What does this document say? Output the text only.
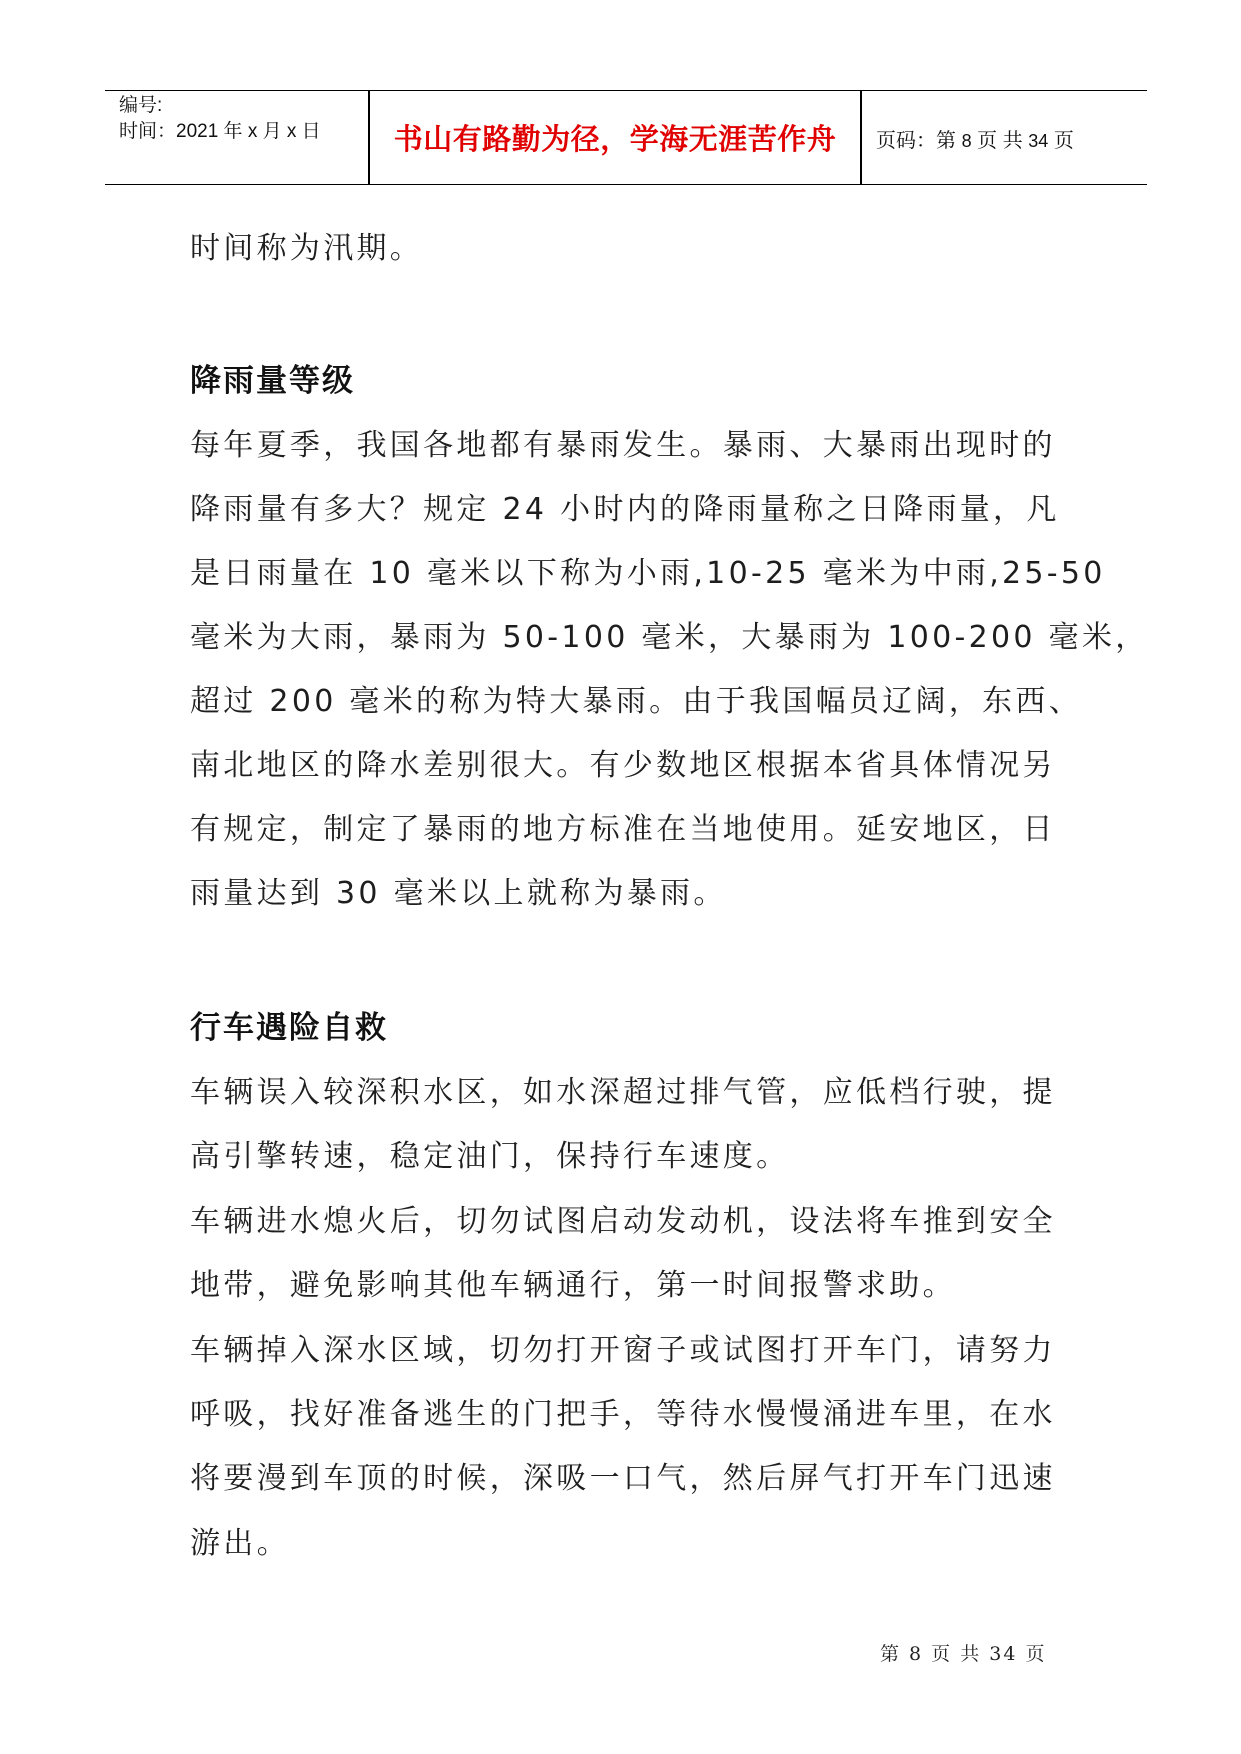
编号:
时间：2021 年 x 月 x 日	书山有路勤为径，学海无涯苦作舟	页码：第 8 页 共 34 页
时间称为汛期。
降雨量等级
每年夏季，我国各地都有暴雨发生。暴雨、大暴雨出现时的
降雨量有多大？规定 24 小时内的降雨量称之日降雨量，凡
是日雨量在 10 毫米以下称为小雨,10-25 毫米为中雨,25-50
毫米为大雨，暴雨为 50-100 毫米，大暴雨为 100-200 毫米，
超过 200 毫米的称为特大暴雨。由于我国幅员辽阔，东西、
南北地区的降水差别很大。有少数地区根据本省具体情况另
有规定，制定了暴雨的地方标准在当地使用。延安地区，日
雨量达到 30 毫米以上就称为暴雨。
行车遇险自救
车辆误入较深积水区，如水深超过排气管，应低档行驶，提
高引擎转速，稳定油门，保持行车速度。
车辆进水熄火后，切勿试图启动发动机，设法将车推到安全
地带，避免影响其他车辆通行，第一时间报警求助。
车辆掉入深水区域，切勿打开窗子或试图打开车门，请努力
呼吸，找好准备逃生的门把手，等待水慢慢涌进车里，在水
将要漫到车顶的时候，深吸一口气，然后屏气打开车门迅速
游出。
第 8 页 共 34 页
